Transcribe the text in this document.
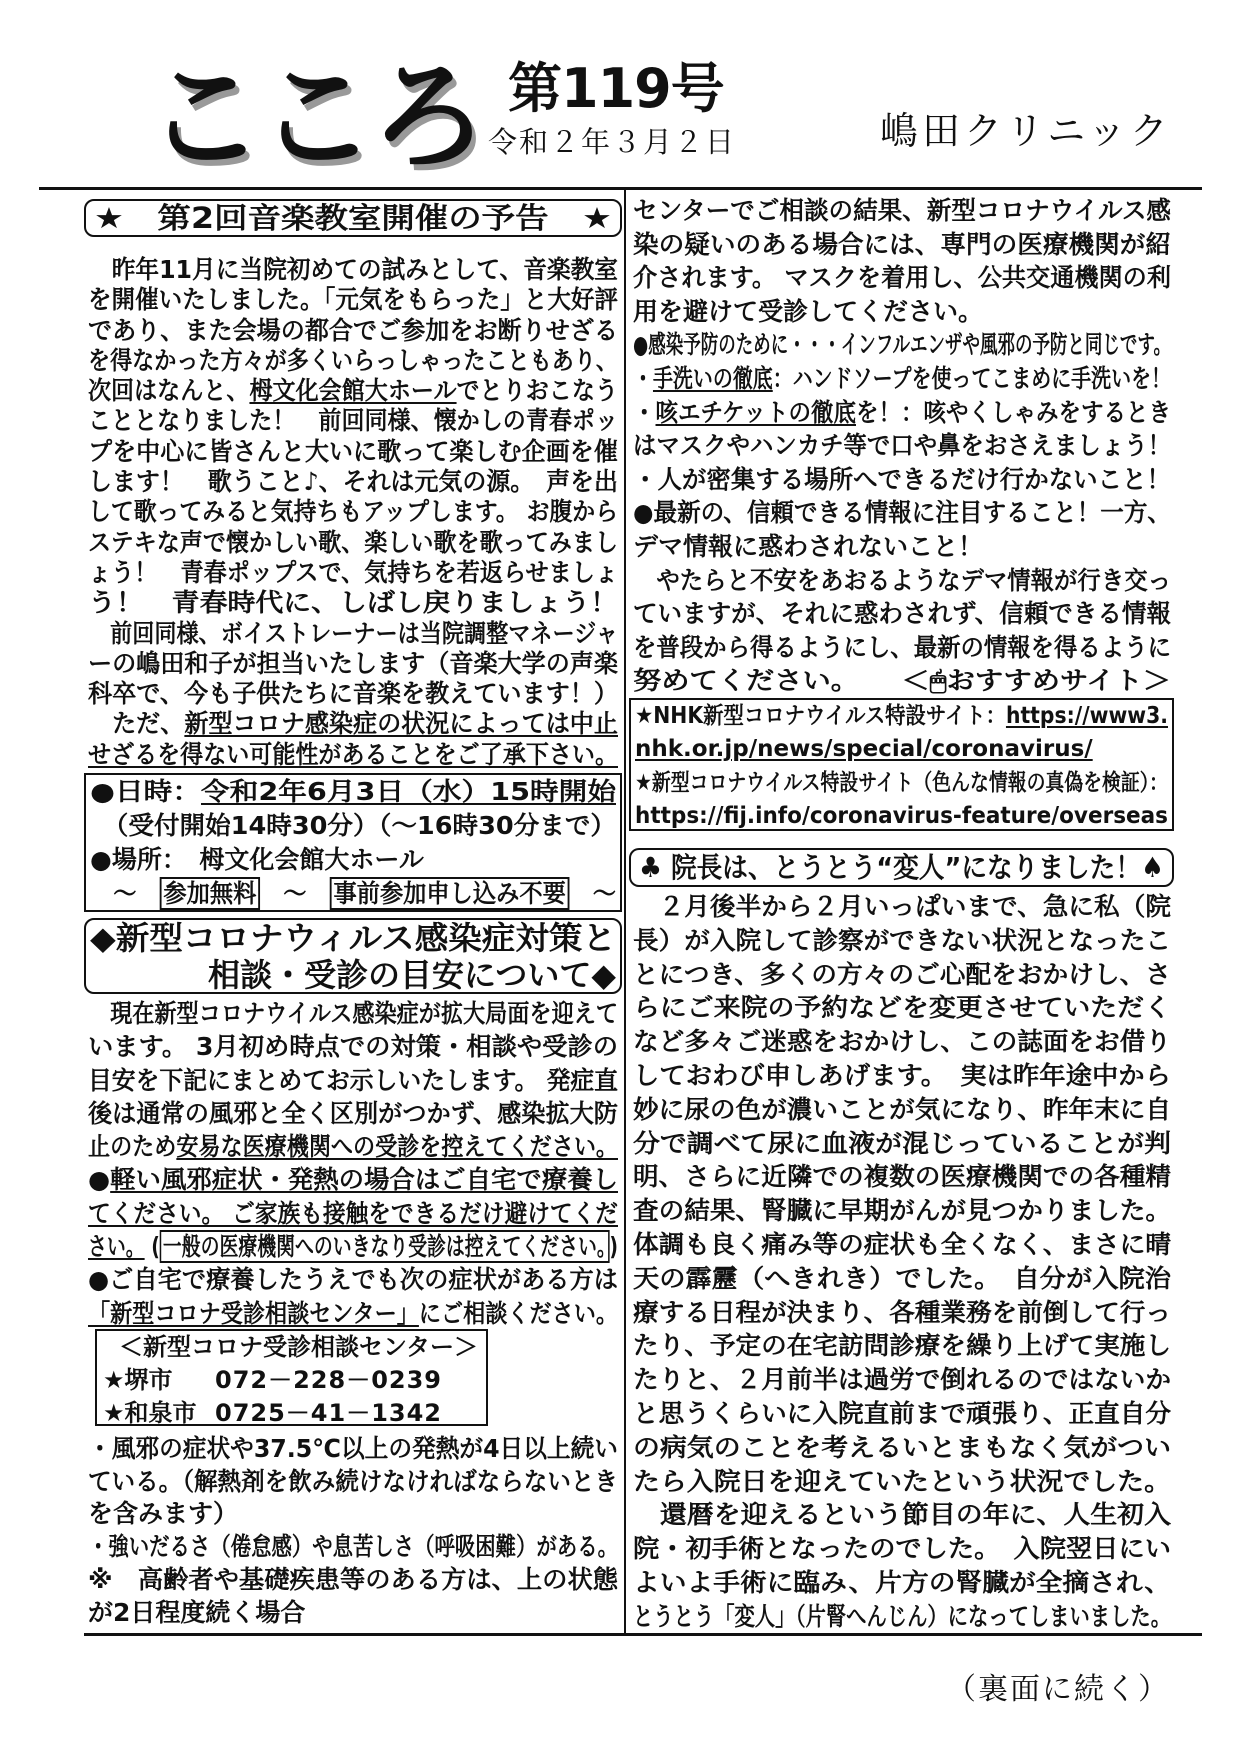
こころ 第119号
令和２年３月２日	嶋田クリニック
★　第2回音楽教室開催の予告　★
　昨年11月に当院初めての試みとして、音楽教室
を開催いたしました。「元気をもらった」と大好評
であり、また会場の都合でご参加をお断りせざる
を得なかった方々が多くいらっしゃったこともあり、
次回はなんと、栂文化会館大ホールでとりおこなう
こととなりました！　前回同様、懐かしの青春ポッ
プを中心に皆さんと大いに歌って楽しむ企画を催
します！　歌うこと♪、それは元気の源。　声を出
して歌ってみると気持ちもアップします。 お腹から
ステキな声で懐かしい歌、楽しい歌を歌ってみまし
ょう！　青春ポップスで、気持ちを若返らせましょ
う！　青春時代に、しばし戻りましょう！
　前回同様、ボイストレーナーは当院調整マネージャ
ーの嶋田和子が担当いたします（音楽大学の声楽
科卒で、今も子供たちに音楽を教えています！）
　ただ、新型コロナ感染症の状況によっては中止
せざるを得ない可能性があることをご了承下さい。
●日時：令和2年6月3日（水）15時開始
　（受付開始14時30分）（～16時30分まで）
●場所：　栂文化会館大ホール
　～　参加無料　～　事前参加申し込み不要　～
◆新型コロナウィルス感染症対策と
相談・受診の目安について◆
　現在新型コロナウイルス感染症が拡大局面を迎えて
います。 3月初め時点での対策・相談や受診の
目安を下記にまとめてお示しいたします。 発症直
後は通常の風邪と全く区別がつかず、感染拡大防
止のため安易な医療機関への受診を控えてください。
●軽い風邪症状・発熱の場合はご自宅で療養し
てください。 ご家族も接触をできるだけ避けてくだ
さい。 ( 一般の医療機関へのいきなり受診は控えてください。 )
●ご自宅で療養したうえでも次の症状がある方は
「新型コロナ受診相談センター」にご相談ください。
＜新型コロナ受診相談センター＞
★堺市 072－228－0239
★和泉市 0725－41－1342
・風邪の症状や37.5℃以上の発熱が4日以上続い
ている。（解熱剤を飲み続けなければならないとき
を含みます）
・強いだるさ（倦怠感）や息苦しさ（呼吸困難）がある。
※　高齢者や基礎疾患等のある方は、上の状態
が2日程度続く場合
センターでご相談の結果、新型コロナウイルス感
染の疑いのある場合には、専門の医療機関が紹
介されます。 マスクを着用し、公共交通機関の利
用を避けて受診してください。
●感染予防のために・・・インフルエンザや風邪の予防と同じです。
・手洗いの徹底：ハンドソープを使ってこまめに手洗いを！
・咳エチケットの徹底を！：咳やくしゃみをするとき
はマスクやハンカチ等で口や鼻をおさえましょう！
・人が密集する場所へできるだけ行かないこと！
●最新の、信頼できる情報に注目すること！一方、
デマ情報に惑わされないこと！
　やたらと不安をあおるようなデマ情報が行き交っ
ていますが、それに惑わされず、信頼できる情報
を普段から得るようにし、最新の情報を得るように
努めてください。　　＜🖱おすすめサイト＞
★NHK新型コロナウイルス特設サイト：https://www3.
nhk.or.jp/news/special/coronavirus/
★新型コロナウイルス特設サイト（色んな情報の真偽を検証）：
https://fij.info/coronavirus-feature/overseas
♣ 院長は、とうとう“変人”になりました！♠
　２月後半から２月いっぱいまで、急に私（院
長）が入院して診察ができない状況となったこ
とにつき、多くの方々のご心配をおかけし、さ
らにご来院の予約などを変更させていただく
など多々ご迷惑をおかけし、この誌面をお借り
しておわび申しあげます。　実は昨年途中から
妙に尿の色が濃いことが気になり、昨年末に自
分で調べて尿に血液が混じっていることが判
明、さらに近隣での複数の医療機関での各種精
査の結果、腎臓に早期がんが見つかりました。
体調も良く痛み等の症状も全くなく、まさに晴
天の霹靂（へきれき）でした。　自分が入院治
療する日程が決まり、各種業務を前倒して行っ
たり、予定の在宅訪問診療を繰り上げて実施し
たりと、２月前半は過労で倒れるのではないか
と思うくらいに入院直前まで頑張り、正直自分
の病気のことを考えるいとまもなく気がつい
たら入院日を迎えていたという状況でした。
　還暦を迎えるという節目の年に、人生初入
院・初手術となったのでした。　入院翌日にい
よいよ手術に臨み、片方の腎臓が全摘され、
とうとう「変人」（片腎へんじん）になってしまいました。
（裏面に続く）
